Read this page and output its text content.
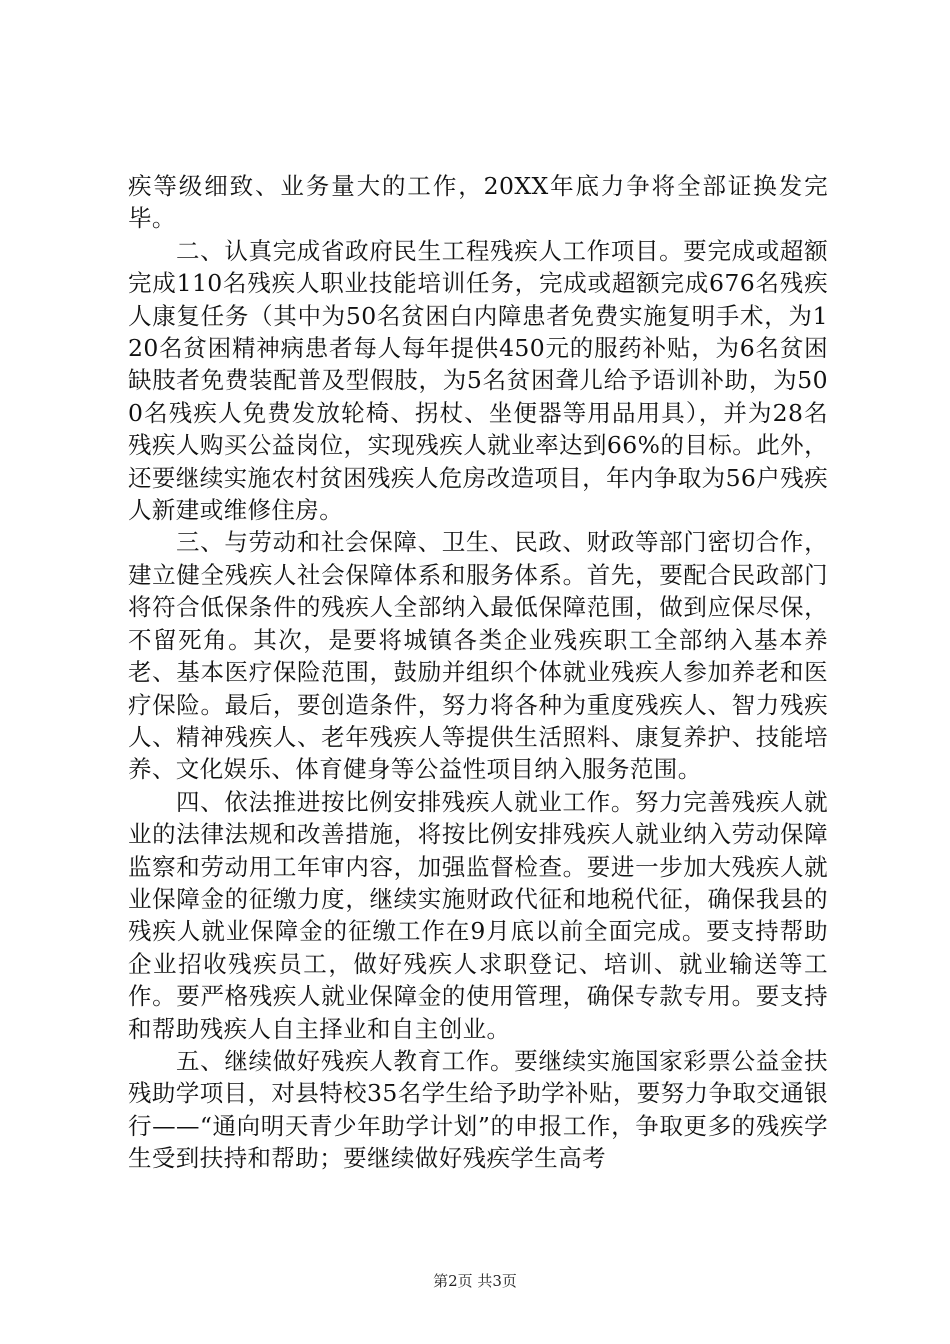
疾等级细致、业务量大的工作，20XX年底力争将全部证换发完毕。

二、认真完成省政府民生工程残疾人工作项目。要完成或超额完成110名残疾人职业技能培训任务，完成或超额完成676名残疾人康复任务（其中为50名贫困白内障患者免费实施复明手术，为120名贫困精神病患者每人每年提供450元的服药补贴，为6名贫困缺肢者免费装配普及型假肢，为5名贫困聋儿给予语训补助，为500名残疾人免费发放轮椅、拐杖、坐便器等用品用具），并为28名残疾人购买公益岗位，实现残疾人就业率达到66%的目标。此外，还要继续实施农村贫困残疾人危房改造项目，年内争取为56户残疾人新建或维修住房。

三、与劳动和社会保障、卫生、民政、财政等部门密切合作，建立健全残疾人社会保障体系和服务体系。首先，要配合民政部门将符合低保条件的残疾人全部纳入最低保障范围，做到应保尽保，不留死角。其次，是要将城镇各类企业残疾职工全部纳入基本养老、基本医疗保险范围，鼓励并组织个体就业残疾人参加养老和医疗保险。最后，要创造条件，努力将各种为重度残疾人、智力残疾人、精神残疾人、老年残疾人等提供生活照料、康复养护、技能培养、文化娱乐、体育健身等公益性项目纳入服务范围。

四、依法推进按比例安排残疾人就业工作。努力完善残疾人就业的法律法规和改善措施，将按比例安排残疾人就业纳入劳动保障监察和劳动用工年审内容，加强监督检查。要进一步加大残疾人就业保障金的征缴力度，继续实施财政代征和地税代征，确保我县的残疾人就业保障金的征缴工作在9月底以前全面完成。要支持帮助企业招收残疾员工，做好残疾人求职登记、培训、就业输送等工作。要严格残疾人就业保障金的使用管理，确保专款专用。要支持和帮助残疾人自主择业和自主创业。

五、继续做好残疾人教育工作。要继续实施国家彩票公益金扶残助学项目，对县特校35名学生给予助学补贴，要努力争取交通银行——“通向明天青少年助学计划”的申报工作，争取更多的残疾学生受到扶持和帮助；要继续做好残疾学生高考

第2页 共3页
